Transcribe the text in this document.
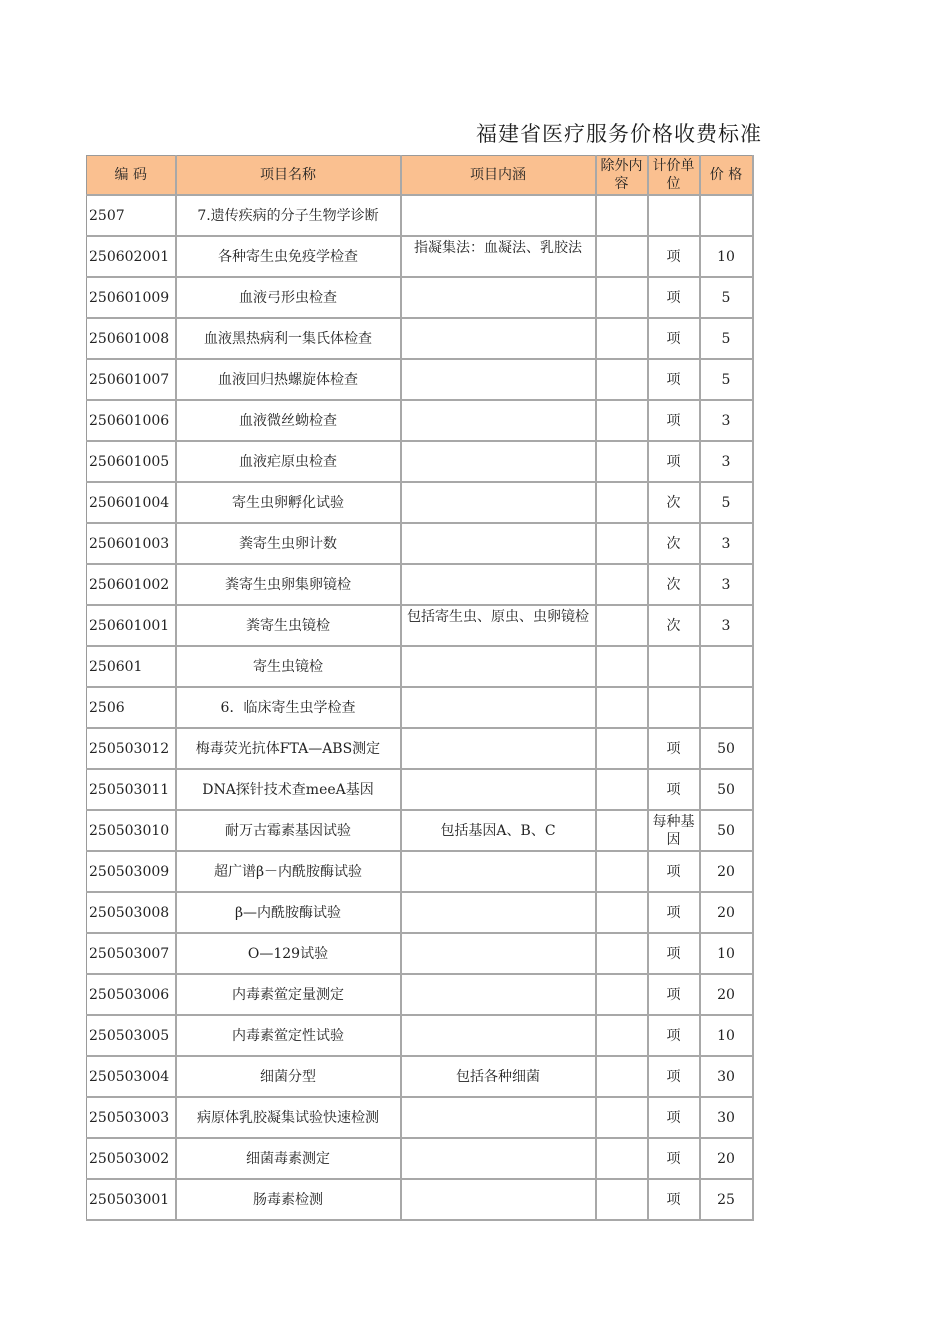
福建省医疗服务价格收费标准
编 码	项目名称	项目内涵	除外内容	计价单位	价 格
2507	7.遗传疾病的分子生物学诊断				
250602001	各种寄生虫免疫学检查	指凝集法：血凝法、乳胶法		项	10
250601009	血液弓形虫检查			项	5
250601008	血液黑热病利一集氏体检查			项	5
250601007	血液回归热螺旋体检查			项	5
250601006	血液微丝蚴检查			项	3
250601005	血液疟原虫检查			项	3
250601004	寄生虫卵孵化试验			次	5
250601003	粪寄生虫卵计数			次	3
250601002	粪寄生虫卵集卵镜检			次	3
250601001	粪寄生虫镜检	包括寄生虫、原虫、虫卵镜检		次	3
250601	寄生虫镜检				
2506	6．临床寄生虫学检查				
250503012	梅毒荧光抗体FTA—ABS测定			项	50
250503011	DNA探针技术查meeA基因			项	50
250503010	耐万古霉素基因试验	包括基因A、B、C		每种基因	50
250503009	超广谱β－内酰胺酶试验			项	20
250503008	β—内酰胺酶试验			项	20
250503007	O—129试验			项	10
250503006	内毒素鲎定量测定			项	20
250503005	内毒素鲎定性试验			项	10
250503004	细菌分型	包括各种细菌		项	30
250503003	病原体乳胶凝集试验快速检测			项	30
250503002	细菌毒素测定			项	20
250503001	肠毒素检测			项	25
